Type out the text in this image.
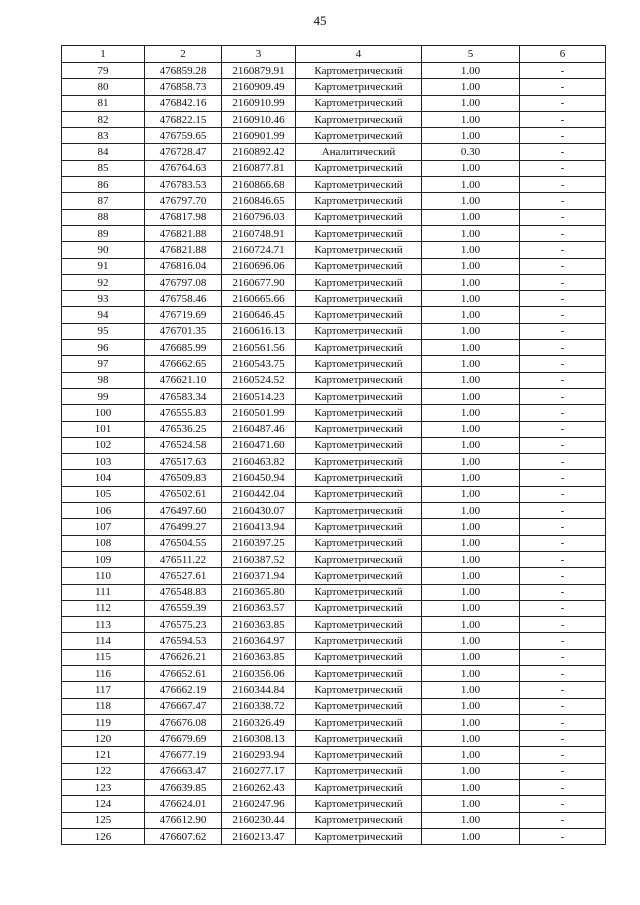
45
1	2	3	4	5	6
79	476859.28	2160879.91	Картометрический	1.00	-
80	476858.73	2160909.49	Картометрический	1.00	-
81	476842.16	2160910.99	Картометрический	1.00	-
82	476822.15	2160910.46	Картометрический	1.00	-
83	476759.65	2160901.99	Картометрический	1.00	-
84	476728.47	2160892.42	Аналитический	0.30	-
85	476764.63	2160877.81	Картометрический	1.00	-
86	476783.53	2160866.68	Картометрический	1.00	-
87	476797.70	2160846.65	Картометрический	1.00	-
88	476817.98	2160796.03	Картометрический	1.00	-
89	476821.88	2160748.91	Картометрический	1.00	-
90	476821.88	2160724.71	Картометрический	1.00	-
91	476816.04	2160696.06	Картометрический	1.00	-
92	476797.08	2160677.90	Картометрический	1.00	-
93	476758.46	2160665.66	Картометрический	1.00	-
94	476719.69	2160646.45	Картометрический	1.00	-
95	476701.35	2160616.13	Картометрический	1.00	-
96	476685.99	2160561.56	Картометрический	1.00	-
97	476662.65	2160543.75	Картометрический	1.00	-
98	476621.10	2160524.52	Картометрический	1.00	-
99	476583.34	2160514.23	Картометрический	1.00	-
100	476555.83	2160501.99	Картометрический	1.00	-
101	476536.25	2160487.46	Картометрический	1.00	-
102	476524.58	2160471.60	Картометрический	1.00	-
103	476517.63	2160463.82	Картометрический	1.00	-
104	476509.83	2160450.94	Картометрический	1.00	-
105	476502.61	2160442.04	Картометрический	1.00	-
106	476497.60	2160430.07	Картометрический	1.00	-
107	476499.27	2160413.94	Картометрический	1.00	-
108	476504.55	2160397.25	Картометрический	1.00	-
109	476511.22	2160387.52	Картометрический	1.00	-
110	476527.61	2160371.94	Картометрический	1.00	-
111	476548.83	2160365.80	Картометрический	1.00	-
112	476559.39	2160363.57	Картометрический	1.00	-
113	476575.23	2160363.85	Картометрический	1.00	-
114	476594.53	2160364.97	Картометрический	1.00	-
115	476626.21	2160363.85	Картометрический	1.00	-
116	476652.61	2160356.06	Картометрический	1.00	-
117	476662.19	2160344.84	Картометрический	1.00	-
118	476667.47	2160338.72	Картометрический	1.00	-
119	476676.08	2160326.49	Картометрический	1.00	-
120	476679.69	2160308.13	Картометрический	1.00	-
121	476677.19	2160293.94	Картометрический	1.00	-
122	476663.47	2160277.17	Картометрический	1.00	-
123	476639.85	2160262.43	Картометрический	1.00	-
124	476624.01	2160247.96	Картометрический	1.00	-
125	476612.90	2160230.44	Картометрический	1.00	-
126	476607.62	2160213.47	Картометрический	1.00	-
